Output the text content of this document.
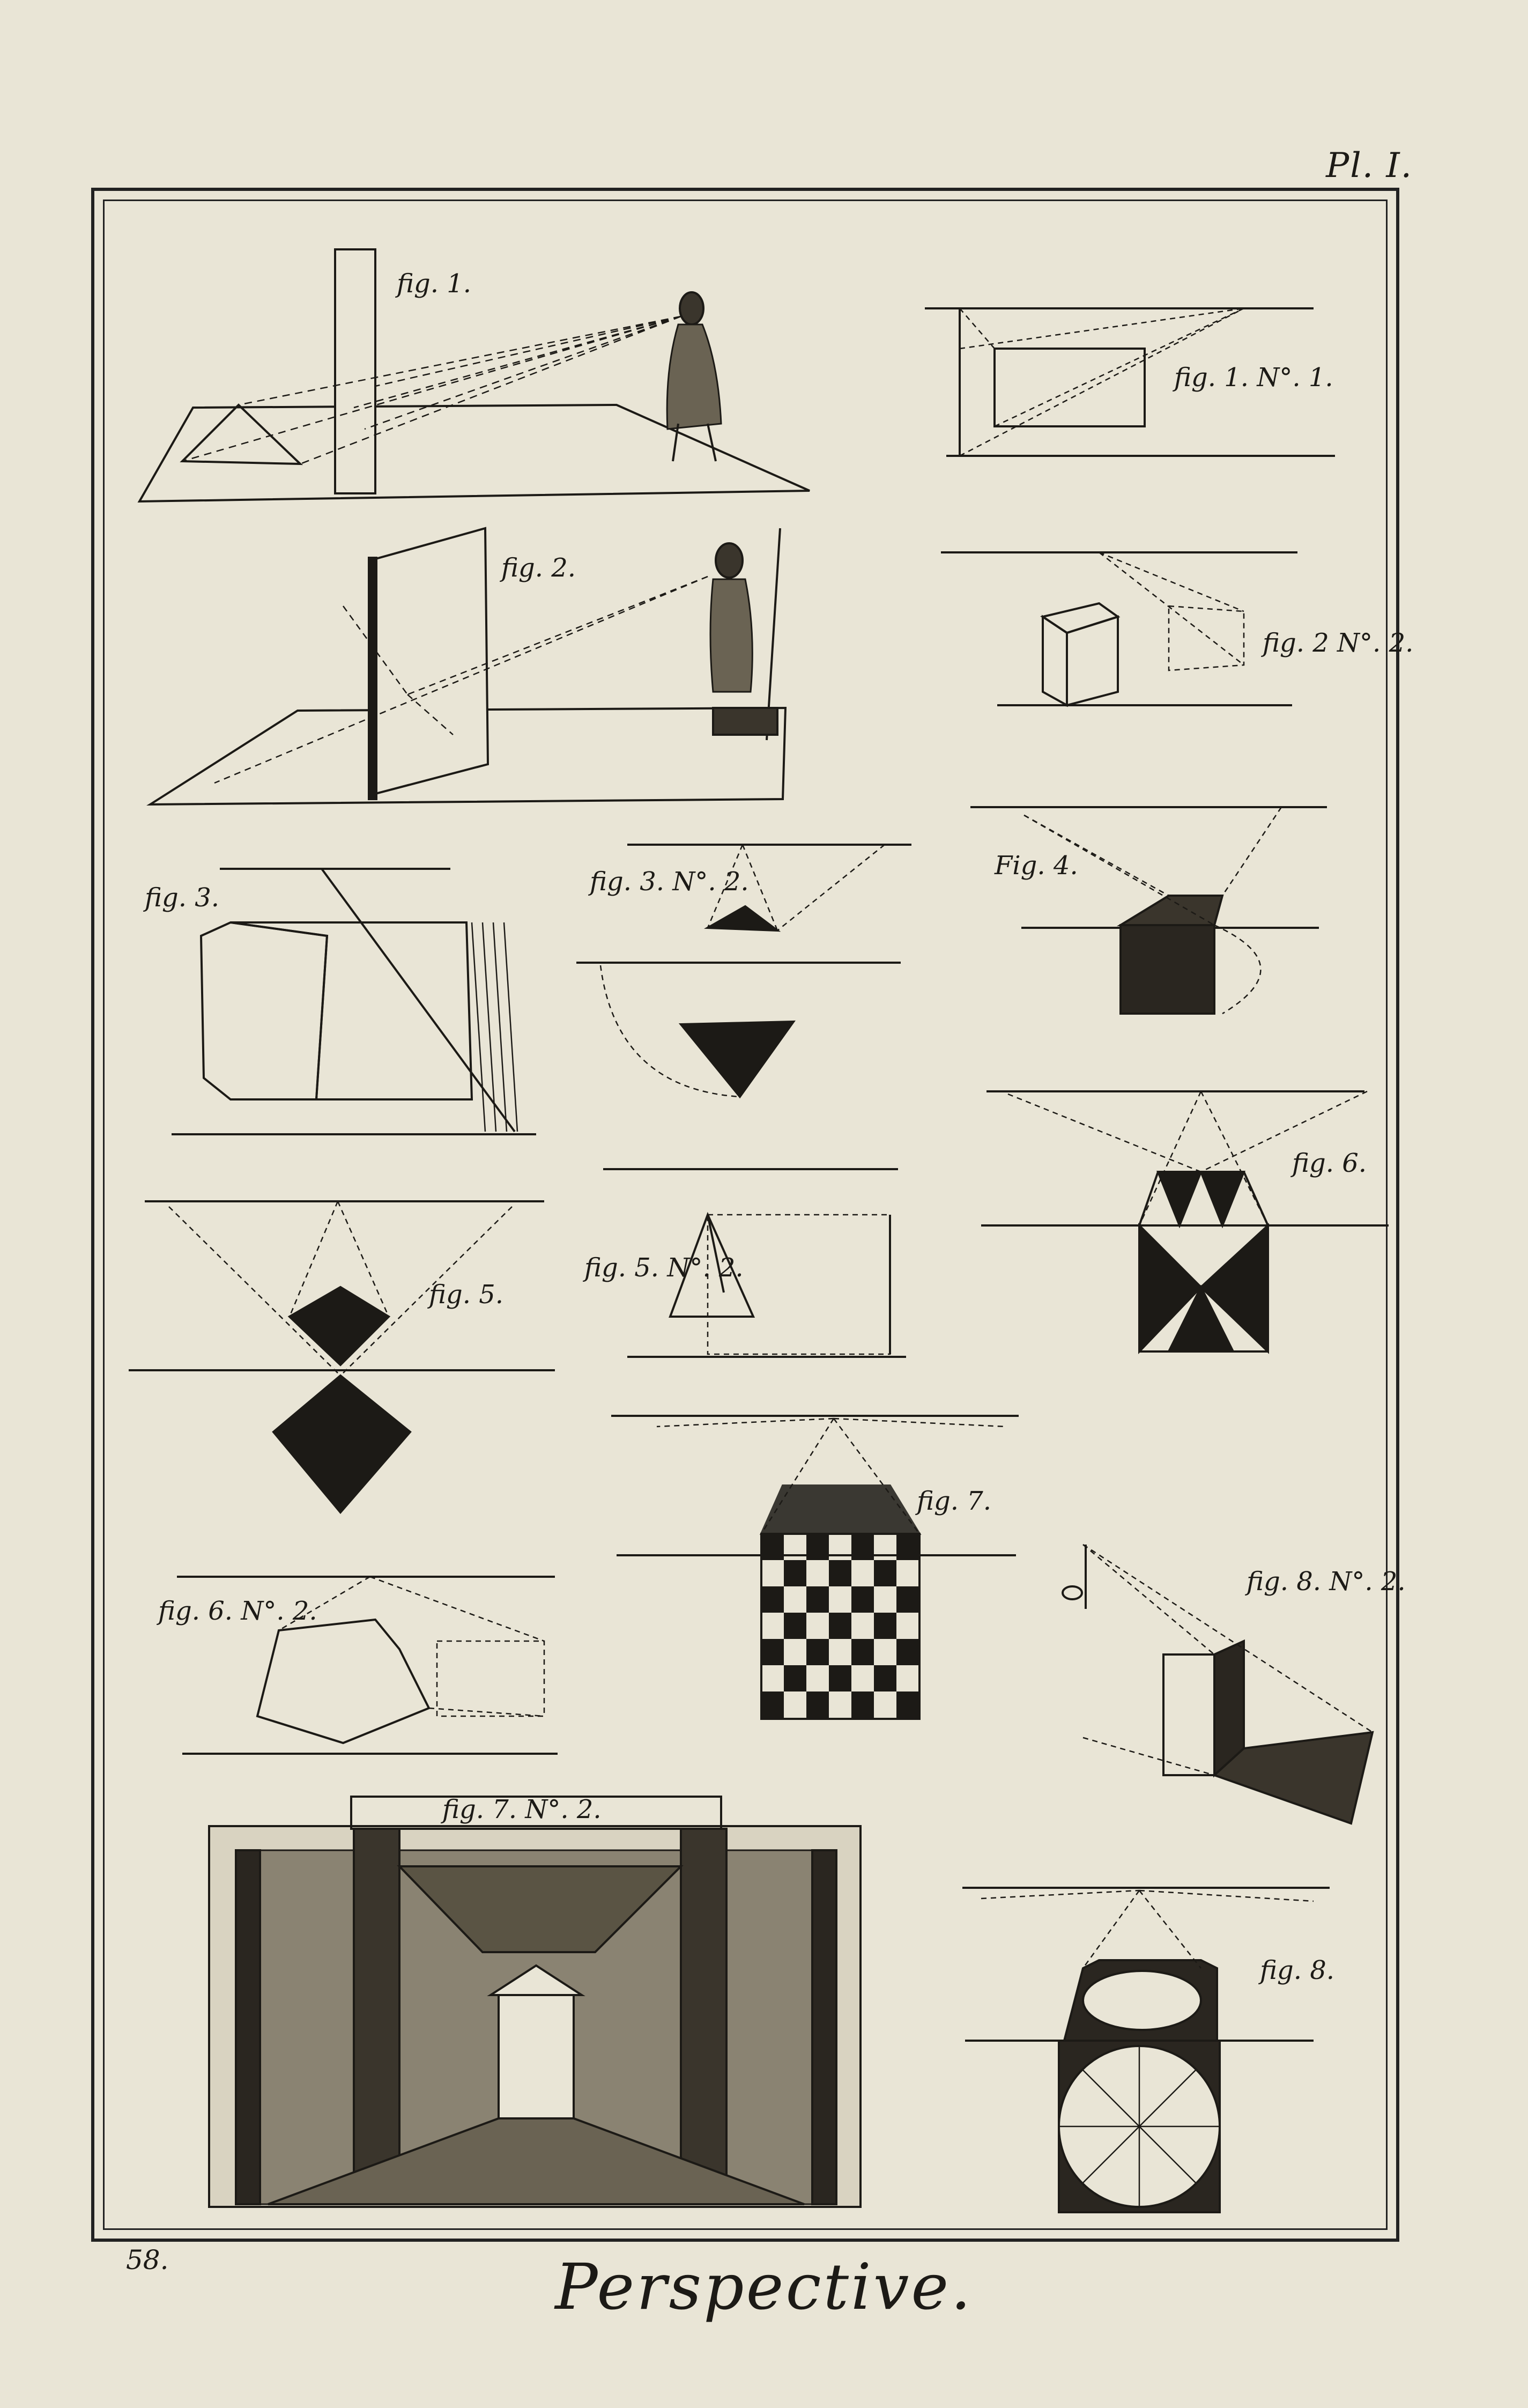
Pl. I.
fig. 1.
fig. 1. N°. 1.
fig. 2.
fig. 2 N°. 2.
fig. 3.
fig. 3. N°. 2.
Fig. 4.
fig. 5.
fig. 5. N°. 2.
fig. 6.
fig. 6. N°. 2.
fig. 7.
fig. 7. N°. 2.
fig. 8.
fig. 8. N°. 2.
58.	Perspective.
